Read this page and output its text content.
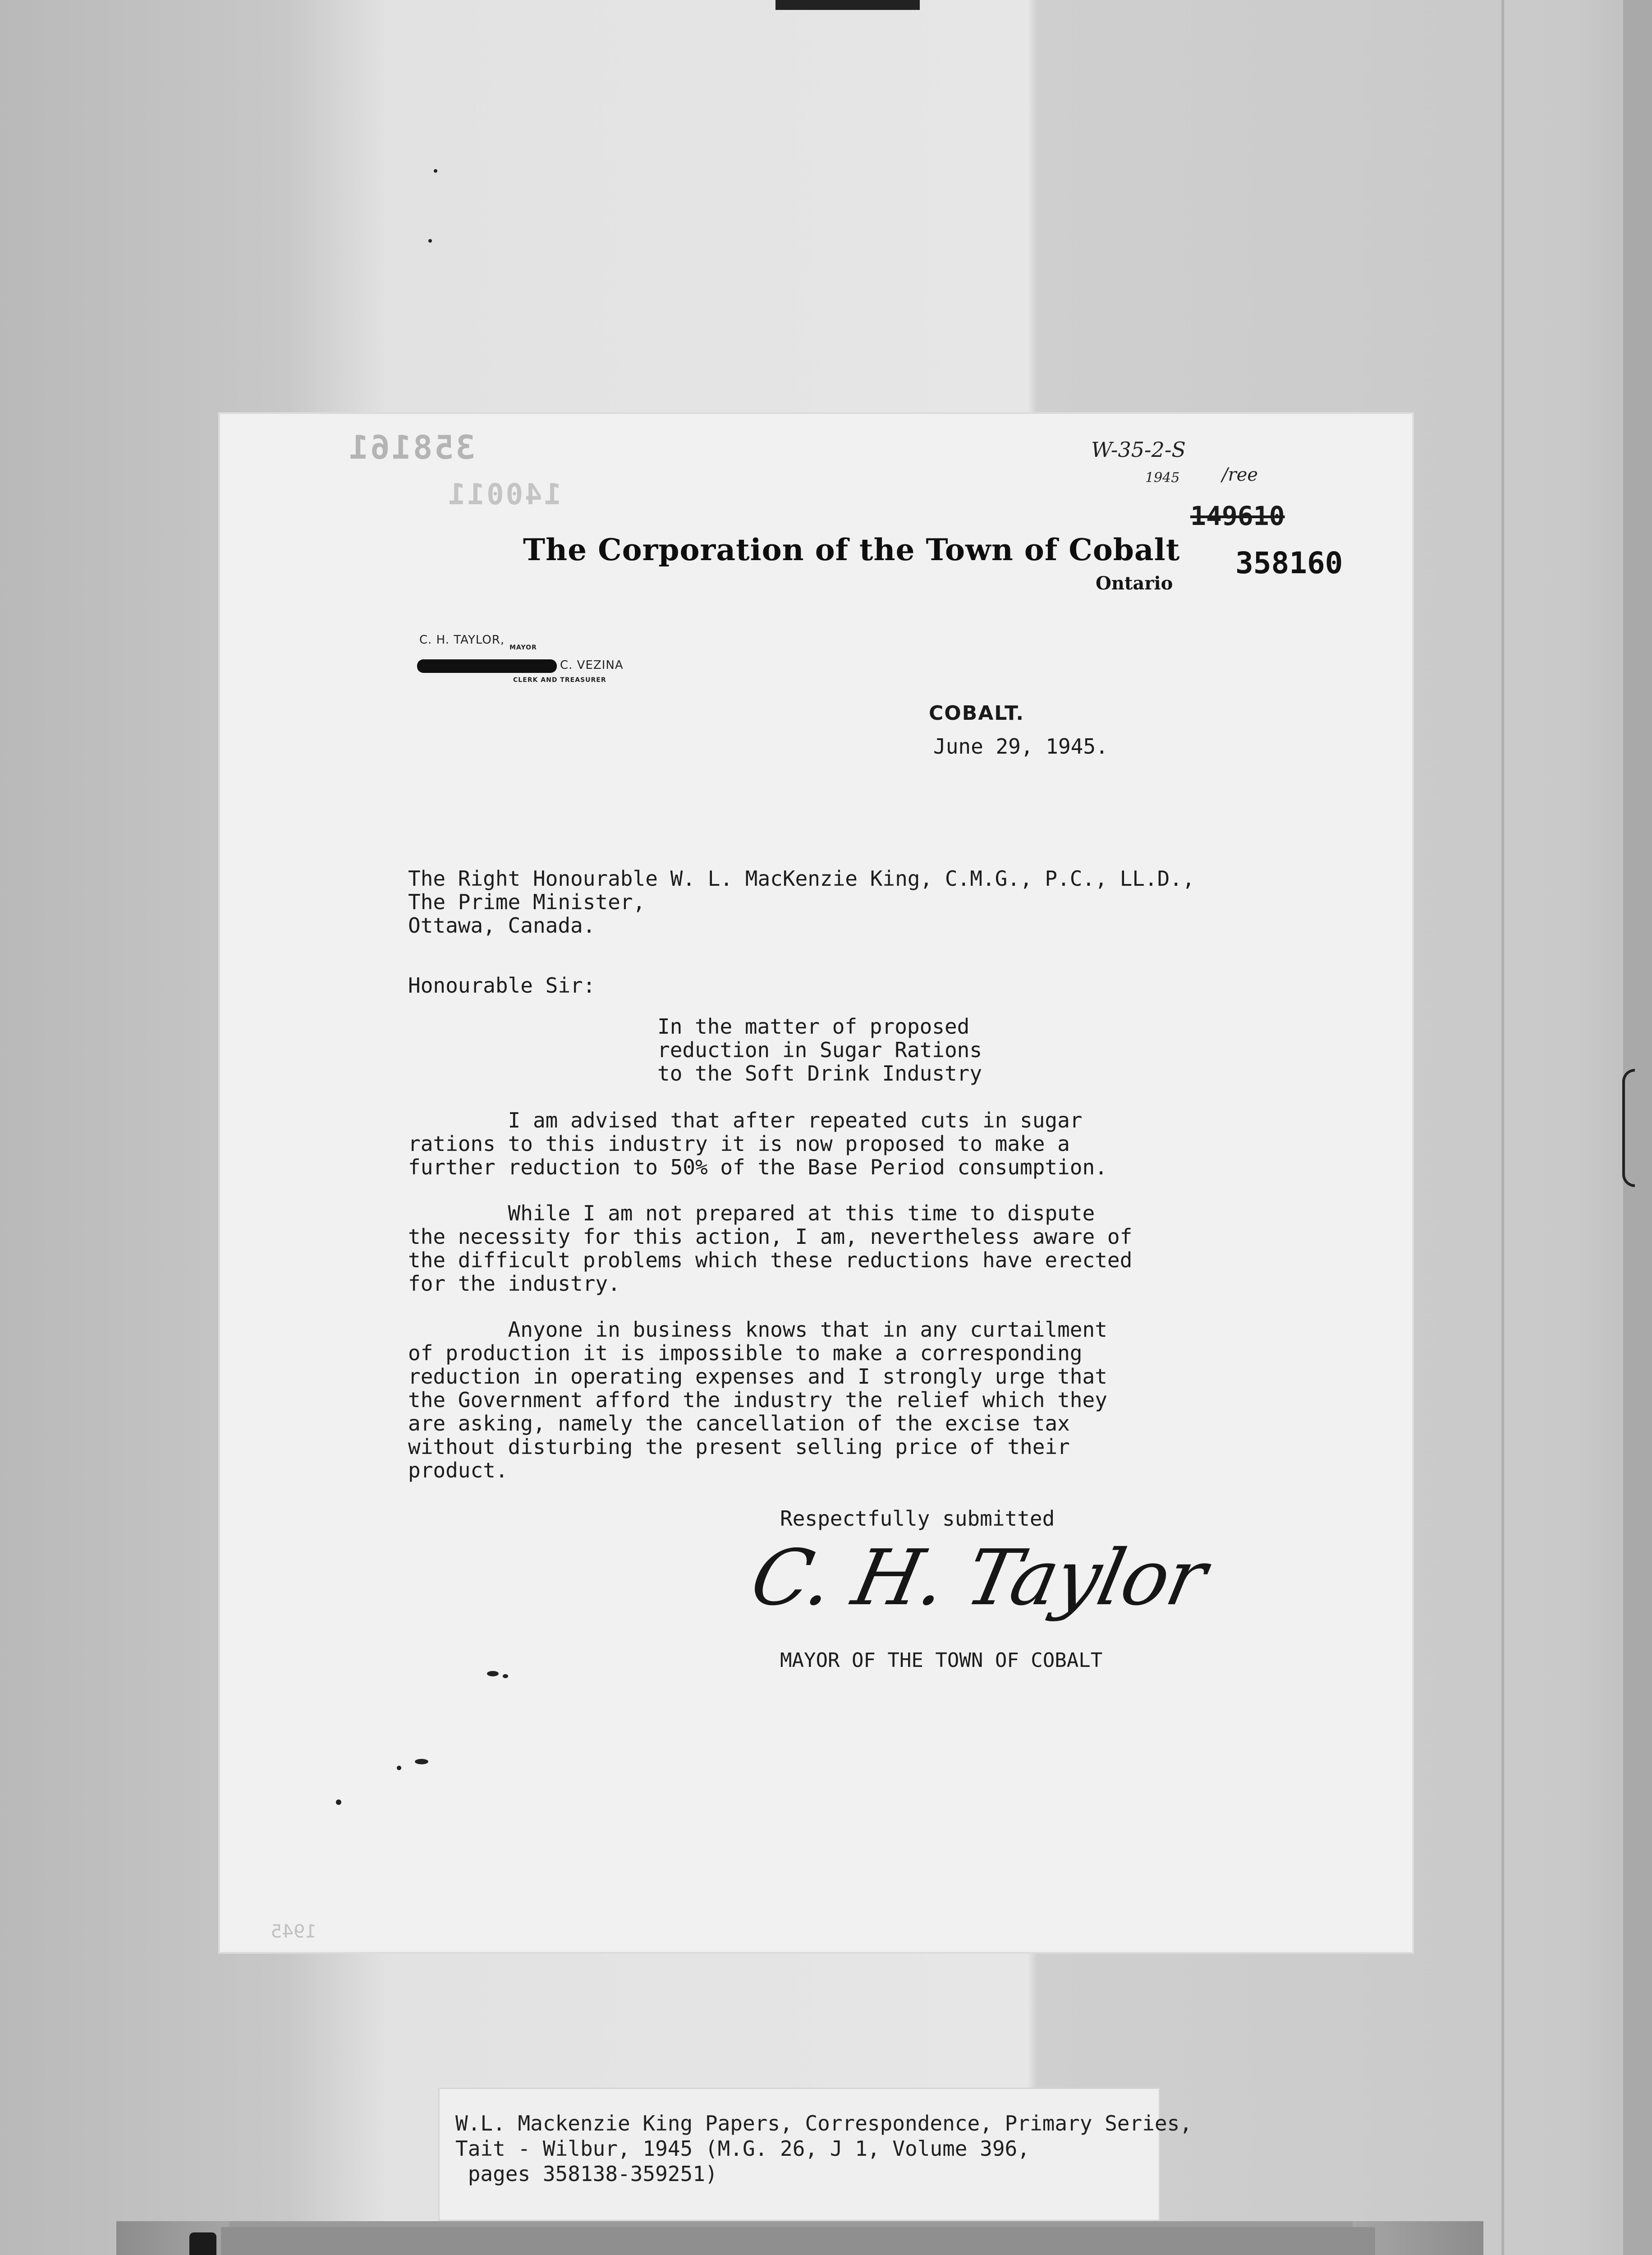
358161
140011
W-35-2-S
1945 /ree
149610
358160
The Corporation of the Town of Cobalt
Ontario
C. H. TAYLOR,
MAYOR
C. VEZINA
CLERK AND TREASURER
COBALT.
June 29, 1945.
The Right Honourable W. L. MacKenzie King, C.M.G., P.C., LL.D.,
The Prime Minister,
Ottawa, Canada.
Honourable Sir:
In the matter of proposed
reduction in Sugar Rations
to the Soft Drink Industry
I am advised that after repeated cuts in sugar
rations to this industry it is now proposed to make a
further reduction to 50% of the Base Period consumption.
While I am not prepared at this time to dispute
the necessity for this action, I am, nevertheless aware of
the difficult problems which these reductions have erected
for the industry.
Anyone in business knows that in any curtailment
of production it is impossible to make a corresponding
reduction in operating expenses and I strongly urge that
the Government afford the industry the relief which they
are asking, namely the cancellation of the excise tax
without disturbing the present selling price of their
product.
Respectfully submitted
C. H. Taylor
MAYOR OF THE TOWN OF COBALT
1945
W.L. Mackenzie King Papers, Correspondence, Primary Series,
Tait - Wilbur, 1945 (M.G. 26, J 1, Volume 396,
pages 358138-359251)
